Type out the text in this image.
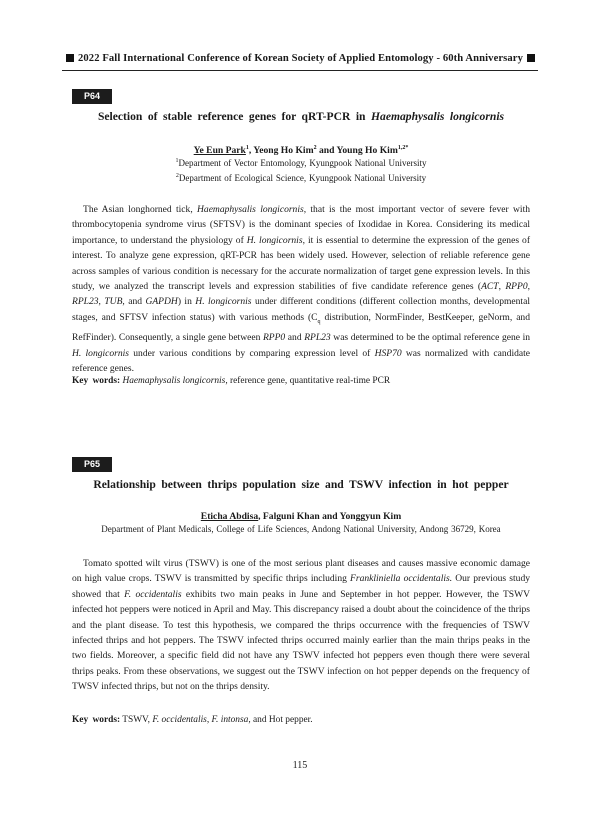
2022 Fall International Conference of Korean Society of Applied Entomology - 60th Anniversary
P64
Selection of stable reference genes for qRT-PCR in Haemaphysalis longicornis
Ye Eun Park$^1$, Yeong Ho Kim$^2$ and Young Ho Kim$^{1,2*}$
$^1$Department of Vector Entomology, Kyungpook National University
$^2$Department of Ecological Science, Kyungpook National University

The Asian longhorned tick, Haemaphysalis longicornis, that is the most important vector of severe fever with thrombocytopenia syndrome virus (SFTSV) is the dominant species of Ixodidae in Korea. Considering its medical importance, to understand the physiology of H. longicornis, it is essential to determine the expression of the genes of interest. To analyze gene expression, qRT-PCR has been widely used. However, selection of reliable reference gene across samples of various condition is necessary for the accurate normalization of target gene expression levels. In this study, we analyzed the transcript levels and expression stabilities of five candidate reference genes (ACT, RPP0, RPL23, TUB, and GAPDH) in H. longicornis under different conditions (different collection months, developmental stages, and SFTSV infection status) with various methods ($C_q$ distribution, NormFinder, BestKeeper, geNorm, and RefFinder). Consequently, a single gene between RPP0 and RPL23 was determined to be the optimal reference gene in H. longicornis under various conditions by comparing expression level of HSP70 was normalized with candidate reference genes.

Key words: Haemaphysalis longicornis, reference gene, quantitative real-time PCR
P65
Relationship between thrips population size and TSWV infection in hot pepper
Eticha Abdisa, Falguni Khan and Yonggyun Kim
Department of Plant Medicals, College of Life Sciences, Andong National University, Andong 36729, Korea

Tomato spotted wilt virus (TSWV) is one of the most serious plant diseases and causes massive economic damage on high value crops. TSWV is transmitted by specific thrips including Frankliniella occidentalis. Our previous study showed that F. occidentalis exhibits two main peaks in June and September in hot pepper. However, the TSWV infected hot peppers were noticed in April and May. This discrepancy raised a doubt about the coincidence of the thrips and the plant disease. To test this hypothesis, we compared the thrips occurrence with the frequencies of TSWV infected thrips and hot peppers. The TSWV infected thrips occurred mainly earlier than the main thrips peaks in the two fields. Moreover, a specific field did not have any TSWV infected hot peppers even though there were several thrips peaks. From these observations, we suggest out the TSWV infection on hot pepper depends on the frequency of TWSV infected thrips, but not on the thrips density.

Key words: TSWV, F. occidentalis, F. intonsa, and Hot pepper.
115
